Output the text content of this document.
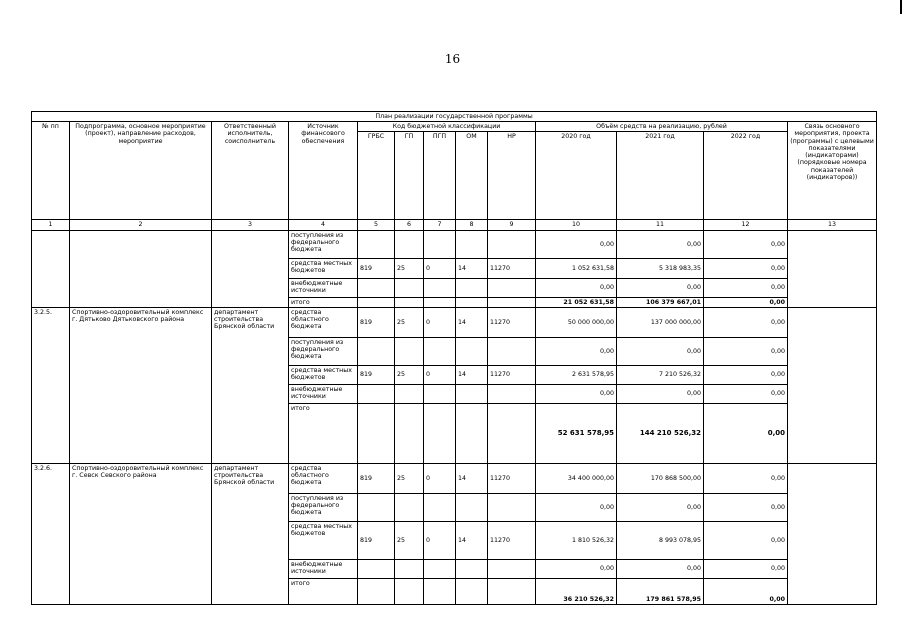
16
План реализации государственной программы												
№ пп	Подпрограмма, основное мероприятие (проект), направление расходов, мероприятие	Ответственный исполнитель, соисполнитель	Источник финансового обеспечения	Код бюджетной классификации					Объём средств на реализацию, рублей			Связь основного мероприятия, проекта (программы) с целевыми показателями (индикаторами) (порядковые номера показателей (индикаторов))
				ГРБС	ГП	ПГП	ОМ	НР	2020 год	2021 год	2022 год	
1	2	3	4	5	6	7	8	9	10	11	12	13
			поступления из федерального бюджета						0,00	0,00	0,00	
			средства местных бюджетов	819	25	0	14	11270	1 052 631,58	5 318 983,35	0,00	
			внебюджетные источники						0,00	0,00	0,00	
			итого						21 052 631,58	106 379 667,01	0,00	
3.2.5.	Спортивно-оздоровительный комплекс г. Дятьково Дятьковского района	департамент строительства Брянской области	средства областного бюджета	819	25	0	14	11270	50 000 000,00	137 000 000,00	0,00	
			поступления из федерального бюджета						0,00	0,00	0,00	
			средства местных бюджетов	819	25	0	14	11270	2 631 578,95	7 210 526,32	0,00	
			внебюджетные источники						0,00	0,00	0,00	
			итого						52 631 578,95	144 210 526,32	0,00	
3.2.6.	Спортивно-оздоровительный комплекс г. Севск Севского района	департамент строительства Брянской области	средства областного бюджета	819	25	0	14	11270	34 400 000,00	170 868 500,00	0,00	
			поступления из федерального бюджета						0,00	0,00	0,00	
			средства местных бюджетов	819	25	0	14	11270	1 810 526,32	8 993 078,95	0,00	
			внебюджетные источники						0,00	0,00	0,00	
			итого						36 210 526,32	179 861 578,95	0,00	
